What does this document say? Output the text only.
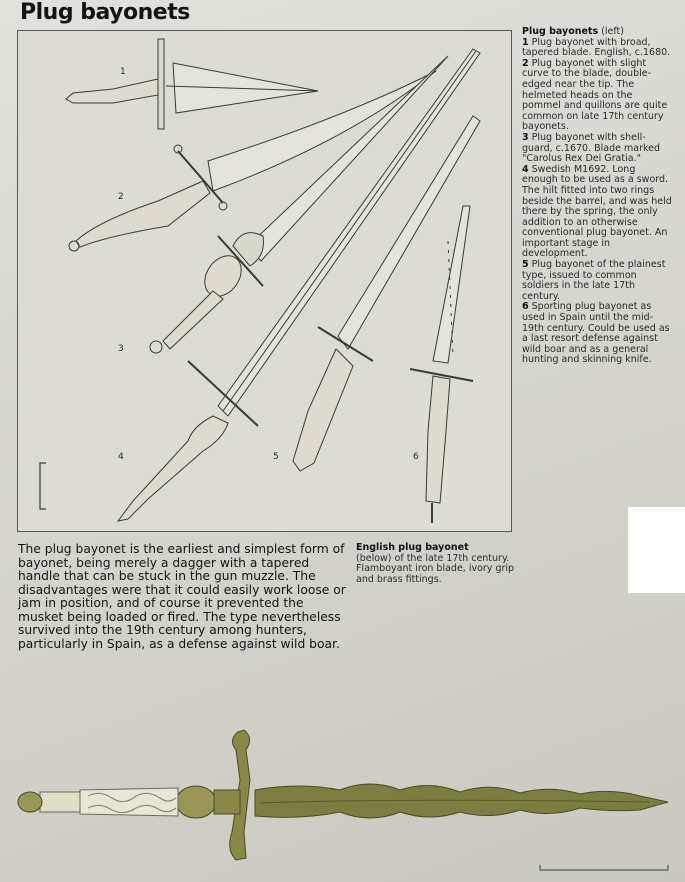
Plug bayonets
1
2
3
4	5	6

Plug bayonets (left)

1 Plug bayonet with broad, tapered blade. English, c.1680.

2 Plug bayonet with slight curve to the blade, double-edged near the tip. The helmeted heads on the pommel and quillons are quite common on late 17th century bayonets.

3 Plug bayonet with shell-guard, c.1670. Blade marked "Carolus Rex Dei Gratia."

4 Swedish M1692. Long enough to be used as a sword. The hilt fitted into two rings beside the barrel, and was held there by the spring, the only addition to an otherwise conventional plug bayonet. An important stage in development.

5 Plug bayonet of the plainest type, issued to common soldiers in the late 17th century.

6 Sporting plug bayonet as used in Spain until the mid-19th century. Could be used as a last resort defense against wild boar and as a general hunting and skinning knife.

The plug bayonet is the earliest and simplest form of bayonet, being merely a dagger with a tapered handle that can be stuck in the gun muzzle. The disadvantages were that it could easily work loose or jam in position, and of course it prevented the musket being loaded or fired. The type nevertheless survived into the 19th century among hunters, particularly in Spain, as a defense against wild boar.
English plug bayonet
(below) of the late 17th century. Flamboyant iron blade, ivory grip and brass fittings.
